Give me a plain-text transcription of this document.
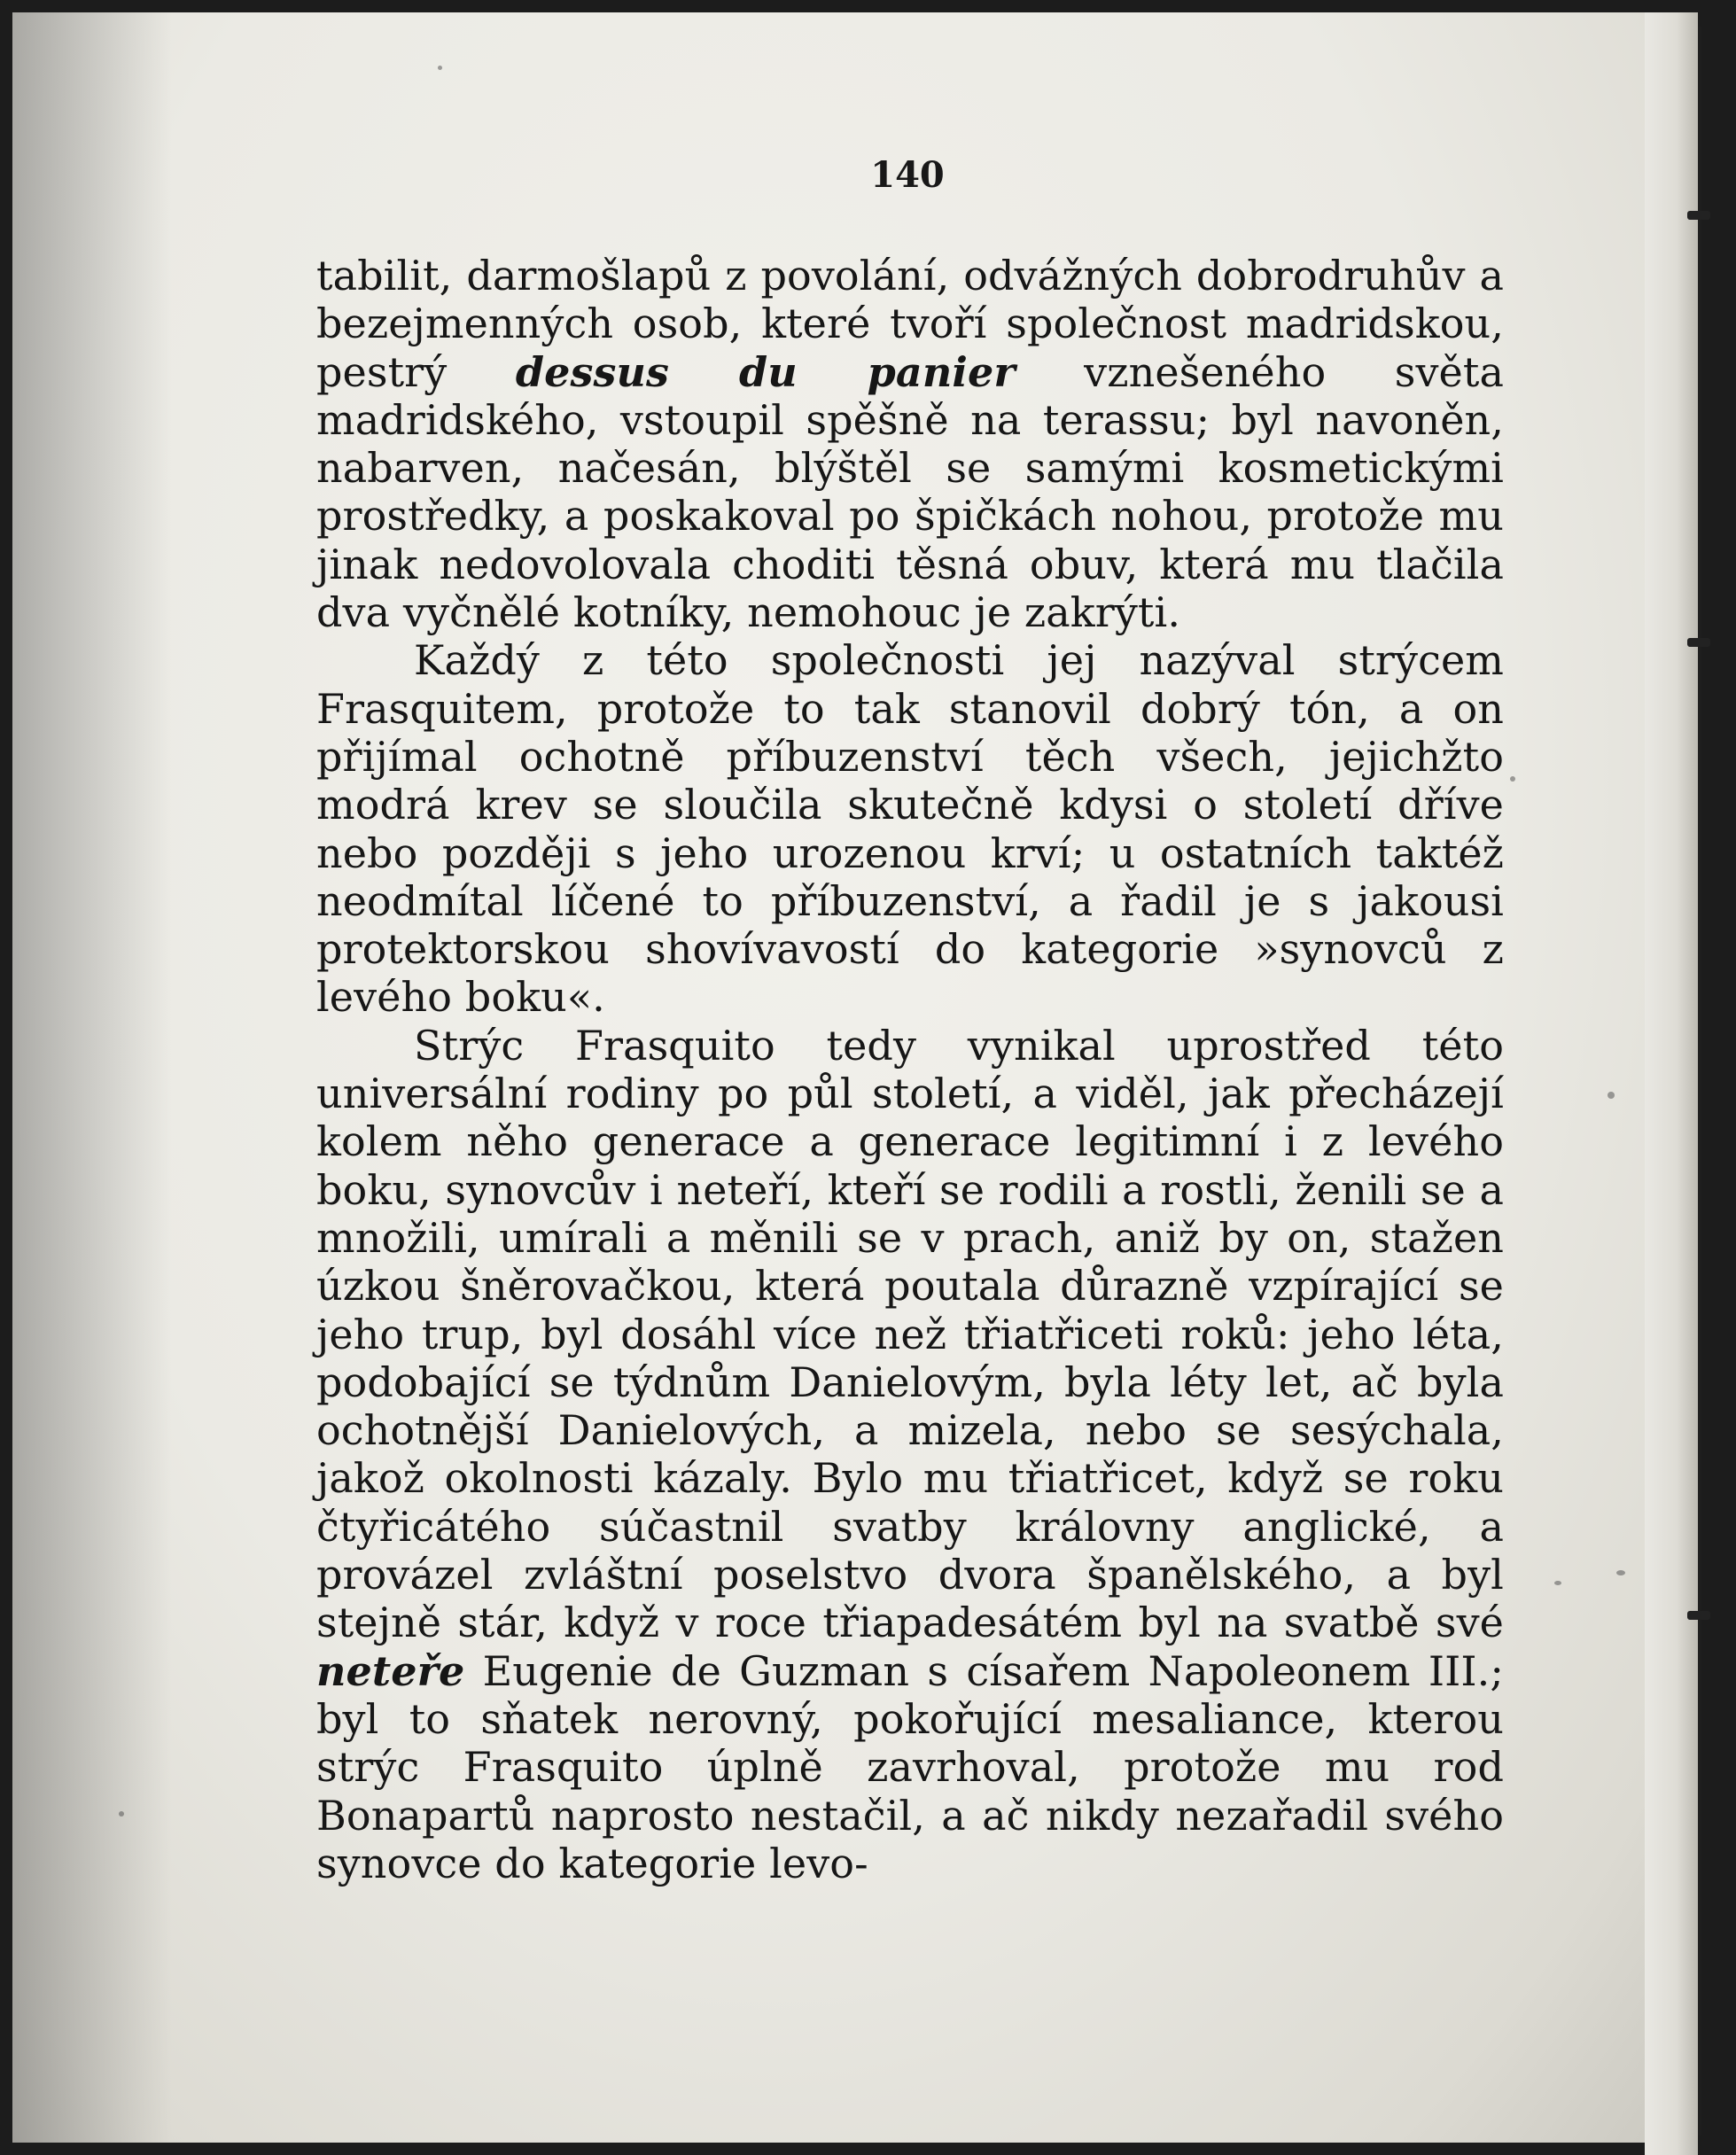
140

tabilit, darmošlapů z povolání, odvážných dobrodruhův a bezejmenných osob, které tvoří společnost madridskou, pestrý dessus du panier vznešeného světa madridského, vstoupil spěšně na terassu; byl navoněn, nabarven, načesán, blýštěl se samými kosmetickými prostředky, a poskakoval po špičkách nohou, protože mu jinak nedovolovala choditi těsná obuv, která mu tlačila dva vyčnělé kotníky, nemohouc je zakrýti.

Každý z této společnosti jej nazýval strýcem Frasquitem, protože to tak stanovil dobrý tón, a on přijímal ochotně příbuzenství těch všech, jejichžto modrá krev se sloučila skutečně kdysi o století dříve nebo později s jeho urozenou krví; u ostatních taktéž neodmítal líčené to příbuzenství, a řadil je s jakousi protektorskou shovívavostí do kategorie »synovců z levého boku«.

Strýc Frasquito tedy vynikal uprostřed této universální rodiny po půl století, a viděl, jak přecházejí kolem něho generace a generace legitimní i z levého boku, synovcův i neteří, kteří se rodili a rostli, ženili se a množili, umírali a měnili se v prach, aniž by on, stažen úzkou šněrovačkou, která poutala důrazně vzpírající se jeho trup, byl dosáhl více než třiatřiceti roků: jeho léta, podobající se týdnům Danielovým, byla léty let, ač byla ochotnější Danielových, a mizela, nebo se sesýchala, jakož okolnosti kázaly. Bylo mu třiatřicet, když se roku čtyřicátého súčastnil svatby královny anglické, a provázel zvláštní poselstvo dvora španělského, a byl stejně stár, když v roce třiapadesátém byl na svatbě své neteře Eugenie de Guzman s císařem Napoleonem III.; byl to sňatek nerovný, pokořující mesaliance, kterou strýc Frasquito úplně zavrhoval, protože mu rod Bonapartů naprosto nestačil, a ač nikdy nezařadil svého synovce do kategorie levo-
